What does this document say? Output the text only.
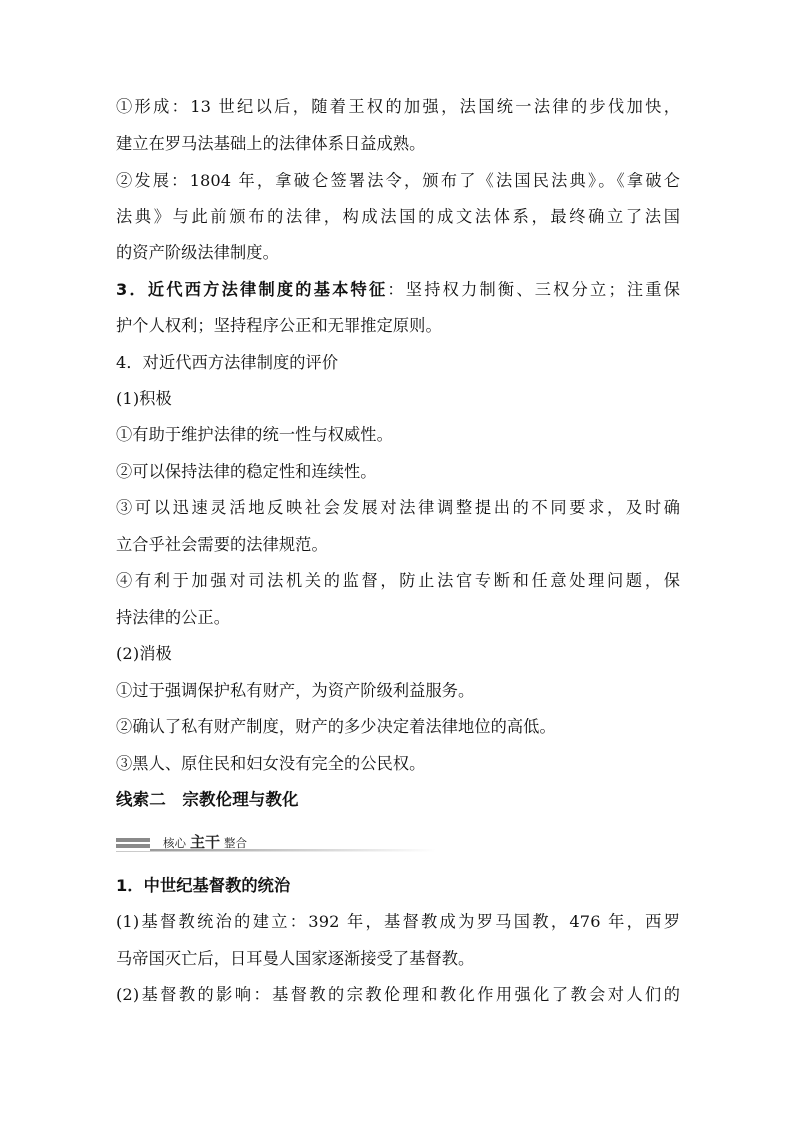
①形成：13 世纪以后，随着王权的加强，法国统一法律的步伐加快，
建立在罗马法基础上的法律体系日益成熟。
②发展：1804 年，拿破仑签署法令，颁布了《法国民法典》。《拿破仑
法典》与此前颁布的法律，构成法国的成文法体系，最终确立了法国
的资产阶级法律制度。
3．近代西方法律制度的基本特征：坚持权力制衡、三权分立；注重保
护个人权利；坚持程序公正和无罪推定原则。
4．对近代西方法律制度的评价
(1)积极
①有助于维护法律的统一性与权威性。
②可以保持法律的稳定性和连续性。
③可以迅速灵活地反映社会发展对法律调整提出的不同要求，及时确
立合乎社会需要的法律规范。
④有利于加强对司法机关的监督，防止法官专断和任意处理问题，保
持法律的公正。
(2)消极
①过于强调保护私有财产，为资产阶级利益服务。
②确认了私有财产制度，财产的多少决定着法律地位的高低。
③黑人、原住民和妇女没有完全的公民权。
线索二　宗教伦理与教化
核心 主干 整合
1．中世纪基督教的统治
(1)基督教统治的建立：392 年，基督教成为罗马国教，476 年，西罗
马帝国灭亡后，日耳曼人国家逐渐接受了基督教。
(2)基督教的影响：基督教的宗教伦理和教化作用强化了教会对人们的
